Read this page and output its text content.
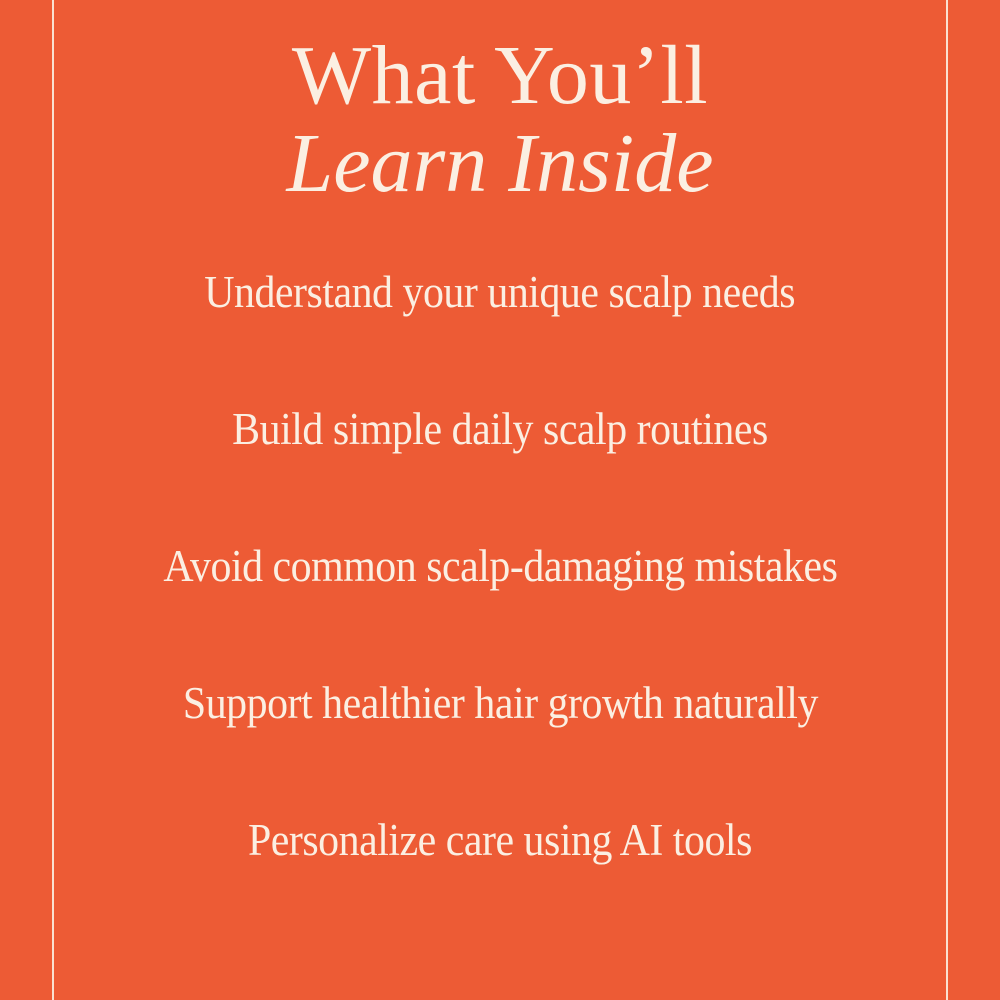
What You’ll
Learn Inside
Understand your unique scalp needs
Build simple daily scalp routines
Avoid common scalp-damaging mistakes
Support healthier hair growth naturally
Personalize care using AI tools
